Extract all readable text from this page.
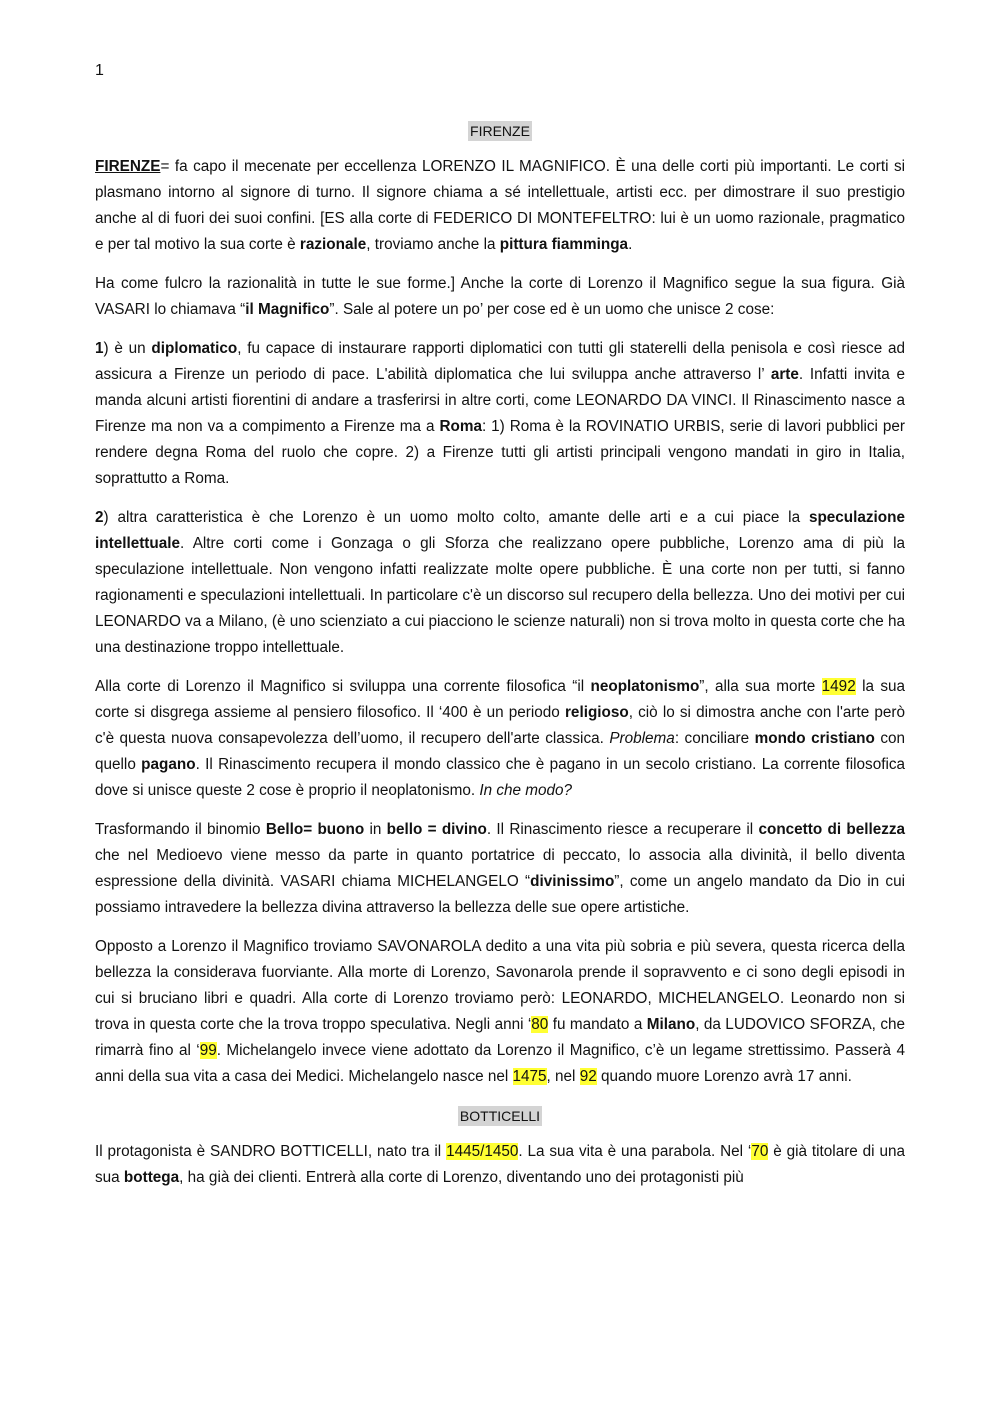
1

FIRENZE

FIRENZE= fa capo il mecenate per eccellenza LORENZO IL MAGNIFICO. È una delle corti più importanti. Le corti si plasmano intorno al signore di turno. Il signore chiama a sé intellettuale, artisti ecc. per dimostrare il suo prestigio anche al di fuori dei suoi confini. [ES alla corte di FEDERICO DI MONTEFELTRO: lui è un uomo razionale, pragmatico e per tal motivo la sua corte è razionale, troviamo anche la pittura fiamminga.

Ha come fulcro la razionalità in tutte le sue forme.] Anche la corte di Lorenzo il Magnifico segue la sua figura. Già VASARI lo chiamava “il Magnifico”. Sale al potere un po’ per cose ed è un uomo che unisce 2 cose:

1) è un diplomatico, fu capace di instaurare rapporti diplomatici con tutti gli staterelli della penisola e così riesce ad assicura a Firenze un periodo di pace. L'abilità diplomatica che lui sviluppa anche attraverso l’ arte. Infatti invita e manda alcuni artisti fiorentini di andare a trasferirsi in altre corti, come LEONARDO DA VINCI. Il Rinascimento nasce a Firenze ma non va a compimento a Firenze ma a Roma: 1) Roma è la ROVINATIO URBIS, serie di lavori pubblici per rendere degna Roma del ruolo che copre. 2) a Firenze tutti gli artisti principali vengono mandati in giro in Italia, soprattutto a Roma.

2) altra caratteristica è che Lorenzo è un uomo molto colto, amante delle arti e a cui piace la speculazione intellettuale. Altre corti come i Gonzaga o gli Sforza che realizzano opere pubbliche, Lorenzo ama di più la speculazione intellettuale. Non vengono infatti realizzate molte opere pubbliche. È una corte non per tutti, si fanno ragionamenti e speculazioni intellettuali. In particolare c'è un discorso sul recupero della bellezza. Uno dei motivi per cui LEONARDO va a Milano, (è uno scienziato a cui piacciono le scienze naturali) non si trova molto in questa corte che ha una destinazione troppo intellettuale.

Alla corte di Lorenzo il Magnifico si sviluppa una corrente filosofica “il neoplatonismo”, alla sua morte 1492 la sua corte si disgrega assieme al pensiero filosofico. Il ‘400 è un periodo religioso, ciò lo si dimostra anche con l'arte però c'è questa nuova consapevolezza dell’uomo, il recupero dell'arte classica. Problema: conciliare mondo cristiano con quello pagano. Il Rinascimento recupera il mondo classico che è pagano in un secolo cristiano. La corrente filosofica dove si unisce queste 2 cose è proprio il neoplatonismo. In che modo?

Trasformando il binomio Bello= buono in bello = divino. Il Rinascimento riesce a recuperare il concetto di bellezza che nel Medioevo viene messo da parte in quanto portatrice di peccato, lo associa alla divinità, il bello diventa espressione della divinità. VASARI chiama MICHELANGELO “divinissimo”, come un angelo mandato da Dio in cui possiamo intravedere la bellezza divina attraverso la bellezza delle sue opere artistiche.

Opposto a Lorenzo il Magnifico troviamo SAVONAROLA dedito a una vita più sobria e più severa, questa ricerca della bellezza la considerava fuorviante. Alla morte di Lorenzo, Savonarola prende il sopravvento e ci sono degli episodi in cui si bruciano libri e quadri. Alla corte di Lorenzo troviamo però: LEONARDO, MICHELANGELO. Leonardo non si trova in questa corte che la trova troppo speculativa. Negli anni ‘80 fu mandato a Milano, da LUDOVICO SFORZA, che rimarrà fino al ‘99. Michelangelo invece viene adottato da Lorenzo il Magnifico, c’è un legame strettissimo. Passerà 4 anni della sua vita a casa dei Medici. Michelangelo nasce nel 1475, nel 92 quando muore Lorenzo avrà 17 anni.

BOTTICELLI

Il protagonista è SANDRO BOTTICELLI, nato tra il 1445/1450. La sua vita è una parabola. Nel ‘70 è già titolare di una sua bottega, ha già dei clienti. Entrerà alla corte di Lorenzo, diventando uno dei protagonisti più
